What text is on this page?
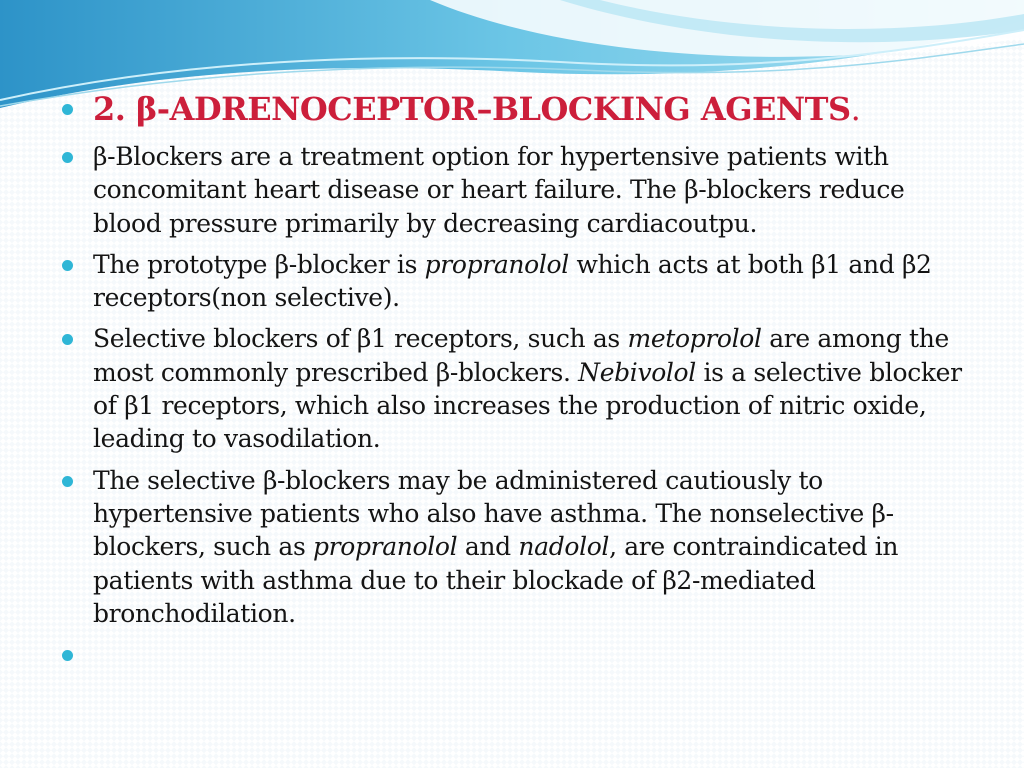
2. β-ADRENOCEPTOR–BLOCKING AGENTS.
β-Blockers are a treatment option for hypertensive patients with concomitant heart disease or heart failure. The β-blockers reduce blood pressure primarily by decreasing cardiacoutpu.
The prototype β-blocker is propranolol which acts at both β1 and β2 receptors(non selective).
Selective blockers of β1 receptors, such as metoprolol are among the most commonly prescribed β-blockers. Nebivolol is a selective blocker of β1 receptors, which also increases the production of nitric oxide, leading to vasodilation.
The selective β-blockers may be administered cautiously to hypertensive patients who also have asthma. The nonselective β-blockers, such as propranolol and nadolol, are contraindicated in patients with asthma due to their blockade of β2-mediated bronchodilation.
